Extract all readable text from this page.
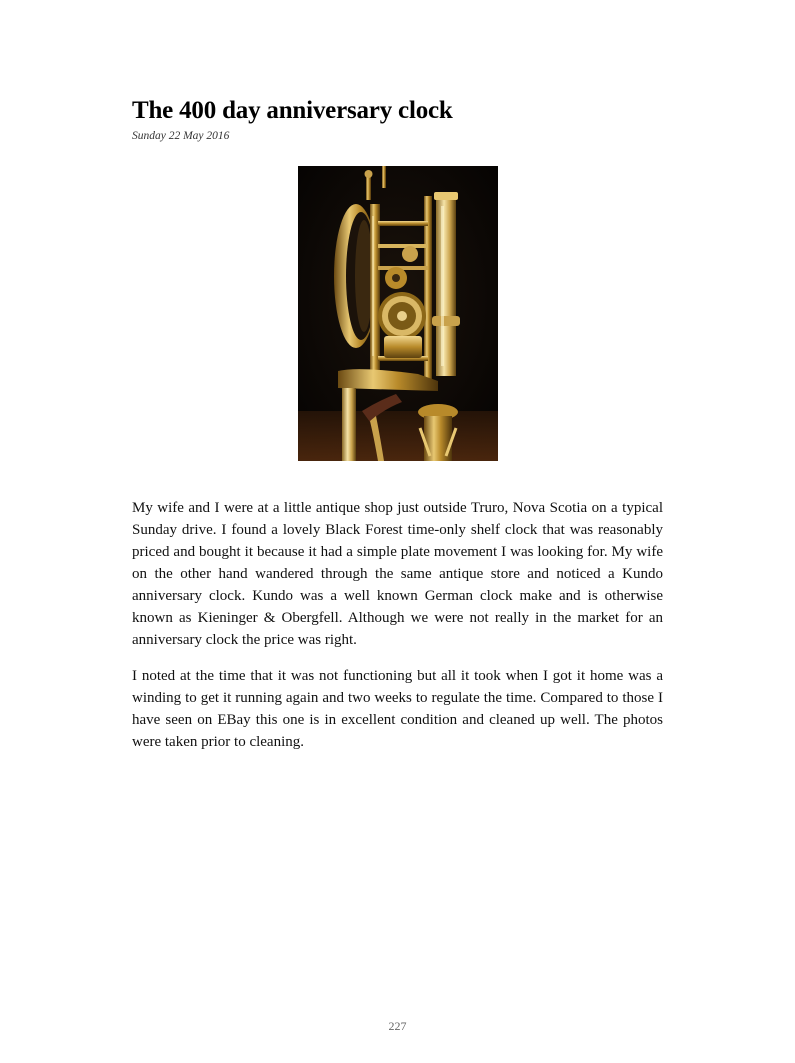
The 400 day anniversary clock
Sunday 22 May 2016

My wife and I were at a little antique shop just outside Truro, Nova Scotia on a typical Sunday drive. I found a lovely Black Forest time-only shelf clock that was reasonably priced and bought it because it had a simple plate movement I was looking for. My wife on the other hand wandered through the same antique store and noticed a Kundo anniversary clock. Kundo was a well known German clock make and is otherwise known as Kieninger & Obergfell. Although we were not really in the market for an anniversary clock the price was right.

I noted at the time that it was not functioning but all it took when I got it home was a winding to get it running again and two weeks to regulate the time. Compared to those I have seen on EBay this one is in excellent condition and cleaned up well. The photos were taken prior to cleaning.

227
